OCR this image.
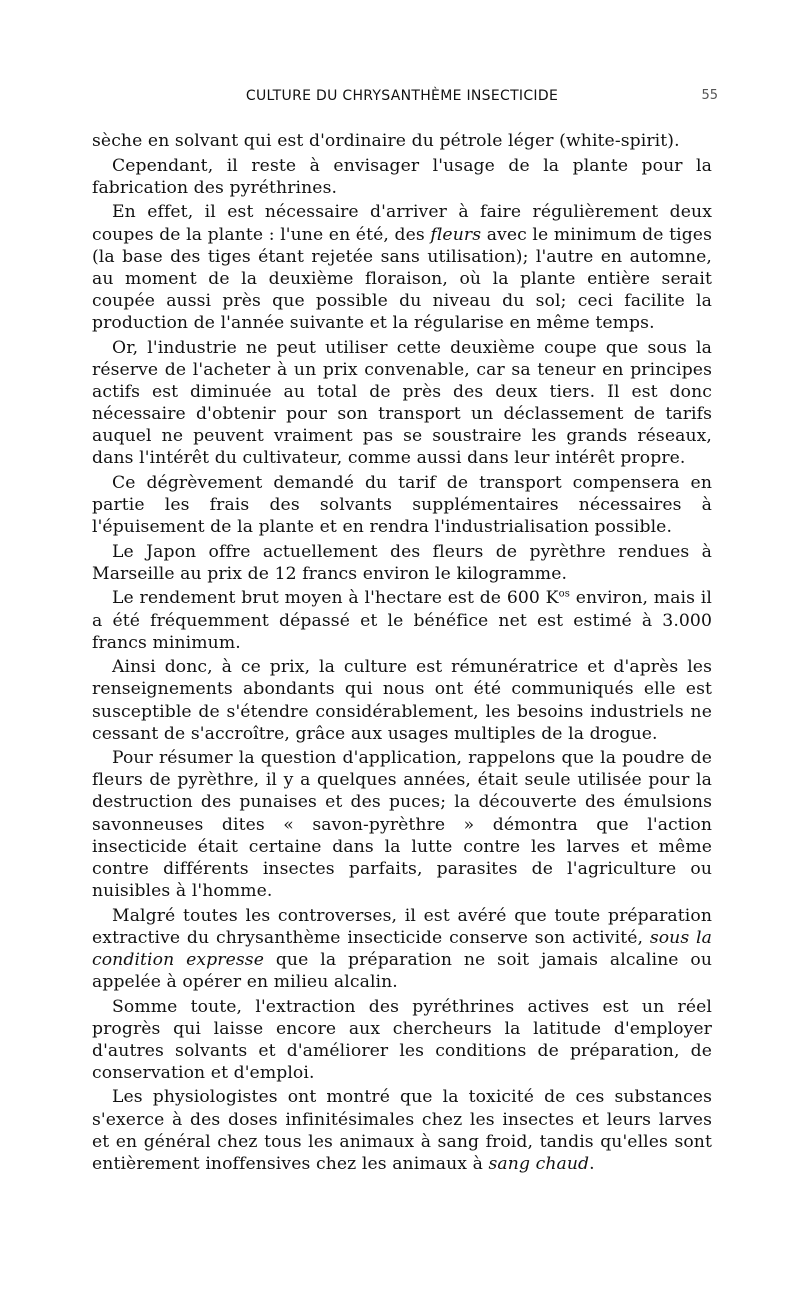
CULTURE DU CHRYSANTHÈME INSECTICIDE	55

sèche en solvant qui est d'ordinaire du pétrole léger (white-spirit).

Cependant, il reste à envisager l'usage de la plante pour la fabrication des pyréthrines.

En effet, il est nécessaire d'arriver à faire régulièrement deux coupes de la plante : l'une en été, des fleurs avec le minimum de tiges (la base des tiges étant rejetée sans utilisation); l'autre en automne, au moment de la deuxième floraison, où la plante entière serait coupée aussi près que possible du niveau du sol; ceci facilite la production de l'année suivante et la régularise en même temps.

Or, l'industrie ne peut utiliser cette deuxième coupe que sous la réserve de l'acheter à un prix convenable, car sa teneur en principes actifs est diminuée au total de près des deux tiers. Il est donc nécessaire d'obtenir pour son transport un déclassement de tarifs auquel ne peuvent vraiment pas se soustraire les grands réseaux, dans l'intérêt du cultivateur, comme aussi dans leur intérêt propre.

Ce dégrèvement demandé du tarif de transport compensera en partie les frais des solvants supplémentaires nécessaires à l'épuisement de la plante et en rendra l'industrialisation possible.

Le Japon offre actuellement des fleurs de pyrèthre rendues à Marseille au prix de 12 francs environ le kilogramme.

Le rendement brut moyen à l'hectare est de 600 $K^{os}$ environ, mais il a été fréquemment dépassé et le bénéfice net est estimé à 3.000 francs minimum.

Ainsi donc, à ce prix, la culture est rémunératrice et d'après les renseignements abondants qui nous ont été communiqués elle est susceptible de s'étendre considérablement, les besoins industriels ne cessant de s'accroître, grâce aux usages multiples de la drogue.

Pour résumer la question d'application, rappelons que la poudre de fleurs de pyrèthre, il y a quelques années, était seule utilisée pour la destruction des punaises et des puces; la découverte des émulsions savonneuses dites « savon-pyrèthre » démontra que l'action insecticide était certaine dans la lutte contre les larves et même contre différents insectes parfaits, parasites de l'agriculture ou nuisibles à l'homme.

Malgré toutes les controverses, il est avéré que toute préparation extractive du chrysanthème insecticide conserve son activité, sous la condition expresse que la préparation ne soit jamais alcaline ou appelée à opérer en milieu alcalin.

Somme toute, l'extraction des pyréthrines actives est un réel progrès qui laisse encore aux chercheurs la latitude d'employer d'autres solvants et d'améliorer les conditions de préparation, de conservation et d'emploi.

Les physiologistes ont montré que la toxicité de ces substances s'exerce à des doses infinitésimales chez les insectes et leurs larves et en général chez tous les animaux à sang froid, tandis qu'elles sont entièrement inoffensives chez les animaux à sang chaud.
